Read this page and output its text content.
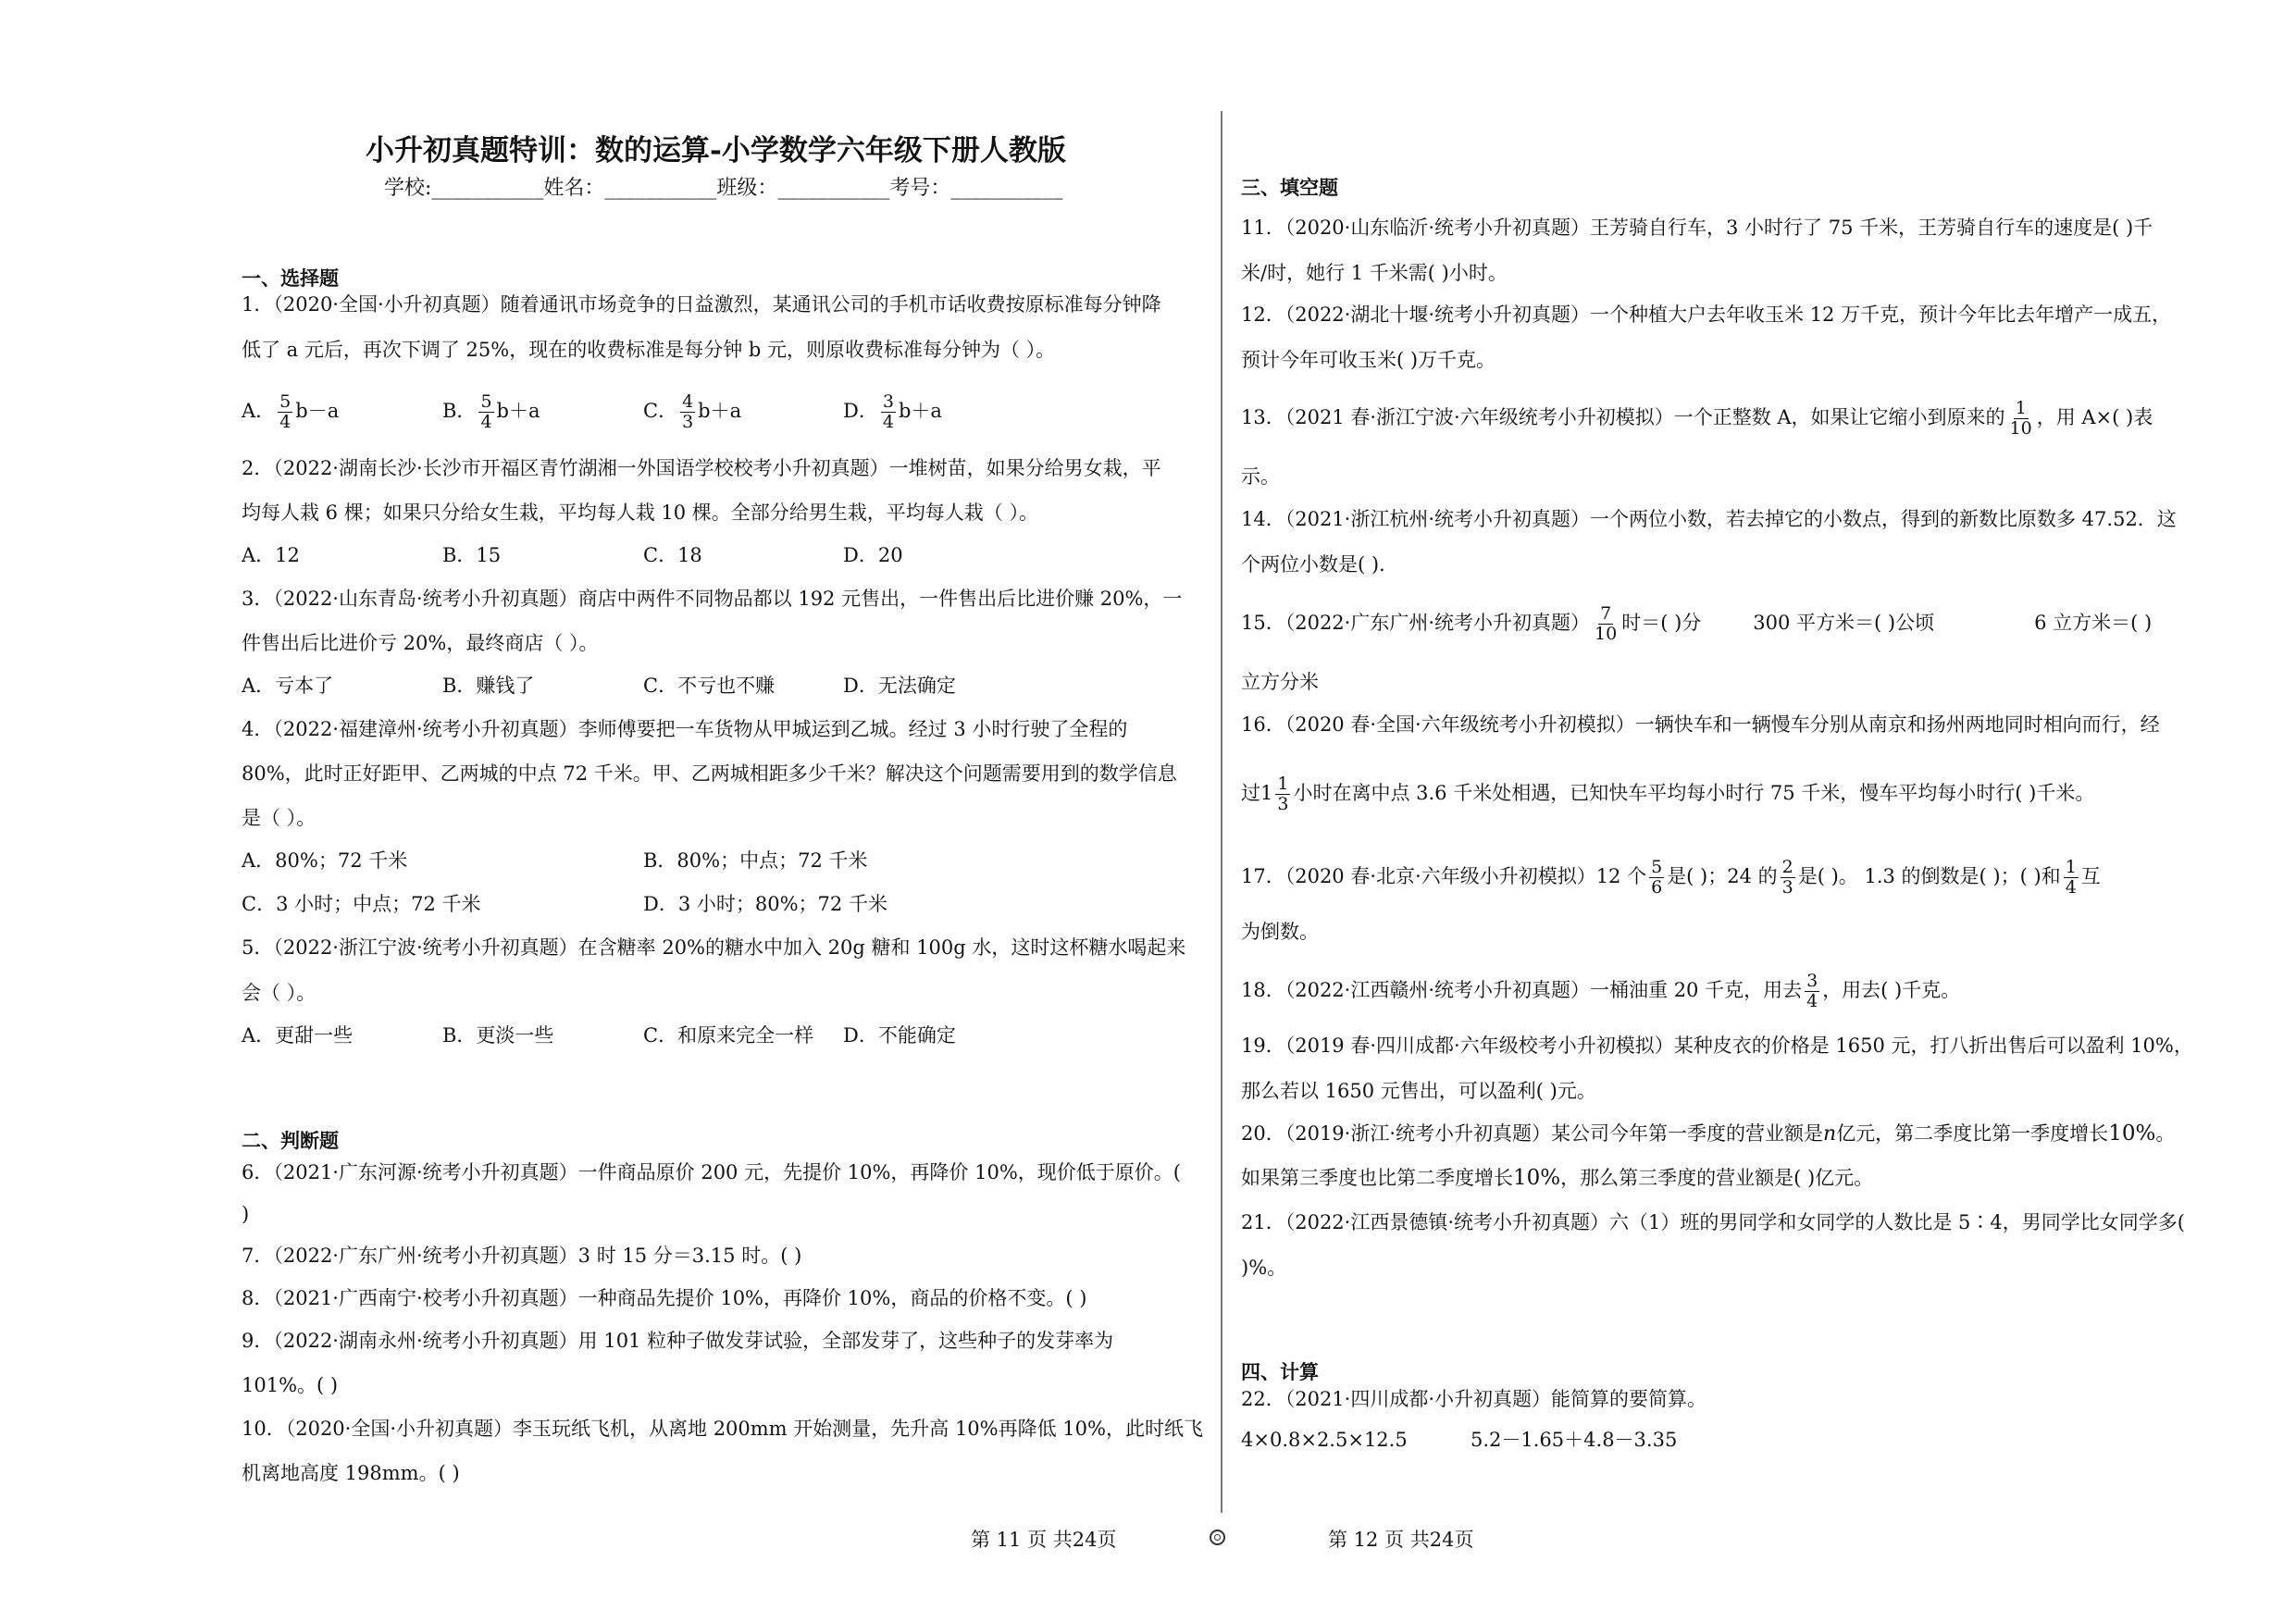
小升初真题特训：数的运算-小学数学六年级下册人教版
学校:___________姓名：___________班级：___________考号：___________
一、选择题
1．（2020·全国·小升初真题）随着通讯市场竞争的日益激烈，某通讯公司的手机市话收费按原标准每分钟降
低了 a 元后，再次下调了 25%，现在的收费标准是每分钟 b 元，则原收费标准每分钟为（ ）。
A． $\frac{5}{4} b-a$	B． $\frac{5}{4} b+a$	C． $\frac{4}{3} b+a$	D． $\frac{3}{4} b+a$
2．（2022·湖南长沙·长沙市开福区青竹湖湘一外国语学校校考小升初真题）一堆树苗，如果分给男女栽，平
均每人栽 6 棵；如果只分给女生栽，平均每人栽 10 棵。全部分给男生栽，平均每人栽（ ）。
A．12	B．15	C．18	D．20
3．（2022·山东青岛·统考小升初真题）商店中两件不同物品都以 192 元售出，一件售出后比进价赚 20%，一
件售出后比进价亏 20%，最终商店（ ）。
A．亏本了	B．赚钱了	C．不亏也不赚	D．无法确定
4．（2022·福建漳州·统考小升初真题）李师傅要把一车货物从甲城运到乙城。经过 3 小时行驶了全程的
80%，此时正好距甲、乙两城的中点 72 千米。甲、乙两城相距多少千米？解决这个问题需要用到的数学信息
是（ ）。
A．80%；72 千米	B．80%；中点；72 千米
C．3 小时；中点；72 千米	D．3 小时；80%；72 千米
5．（2022·浙江宁波·统考小升初真题）在含糖率 20%的糖水中加入 20g 糖和 100g 水，这时这杯糖水喝起来
会（ ）。
A．更甜一些	B．更淡一些	C．和原来完全一样 D．不能确定
二、判断题
6．（2021·广东河源·统考小升初真题）一件商品原价 200 元，先提价 10%，再降价 10%，现价低于原价。(
)
7．（2022·广东广州·统考小升初真题）3 时 15 分＝3.15 时。( )
8．（2021·广西南宁·校考小升初真题）一种商品先提价 10%，再降价 10%，商品的价格不变。( )
9．（2022·湖南永州·统考小升初真题）用 101 粒种子做发芽试验，全部发芽了，这些种子的发芽率为
101%。( )
10．（2020·全国·小升初真题）李玉玩纸飞机，从离地 200mm 开始测量，先升高 10%再降低 10%，此时纸飞
机离地高度 198mm。( )
三、填空题
11．（2020·山东临沂·统考小升初真题）王芳骑自行车，3 小时行了 75 千米，王芳骑自行车的速度是( )千
米/时，她行 1 千米需( )小时。
12．（2022·湖北十堰·统考小升初真题）一个种植大户去年收玉米 12 万千克，预计今年比去年增产一成五，
预计今年可收玉米( )万千克。
13．（2021 春·浙江宁波·六年级统考小升初模拟）一个正整数 A，如果让它缩小到原来的 $\frac{1}{10}$ ，用 A×( )表
示。
14．（2021·浙江杭州·统考小升初真题）一个两位小数，若去掉它的小数点，得到的新数比原数多 47.52．这
个两位小数是( ).
15．（2022·广东广州·统考小升初真题） $\frac{7}{10}$ 时＝( )分	300 平方米＝( )公顷	6 立方米＝( )
立方分米
16．（2020 春·全国·六年级统考小升初模拟）一辆快车和一辆慢车分别从南京和扬州两地同时相向而行，经
过$1 \frac{1}{3}$ 小时在离中点 3.6 千米处相遇，已知快车平均每小时行 75 千米，慢车平均每小时行( )千米。
17．（2020 春·北京·六年级小升初模拟）12 个 $\frac{5}{6}$ 是( )；24 的 $\frac{2}{3}$ 是( )。 1.3 的倒数是( )；( )和 $\frac{1}{4}$ 互
为倒数。
18．（2022·江西赣州·统考小升初真题）一桶油重 20 千克，用去 $\frac{3}{4}$ ，用去( )千克。
19．（2019 春·四川成都·六年级校考小升初模拟）某种皮衣的价格是 1650 元，打八折出售后可以盈利 10%，
那么若以 1650 元售出，可以盈利( )元。
20．（2019·浙江·统考小升初真题）某公司今年第一季度的营业额是n亿元，第二季度比第一季度增长10%。
如果第三季度也比第二季度增长10%，那么第三季度的营业额是( )亿元。
21．（2022·江西景德镇·统考小升初真题）六（1）班的男同学和女同学的人数比是 5∶4，男同学比女同学多(
)%。
四、计算
22．（2021·四川成都·小升初真题）能简算的要简算。
4×0.8×2.5×12.5	5.2－1.65＋4.8－3.35
第 11 页 共24页	第 12 页 共24页
